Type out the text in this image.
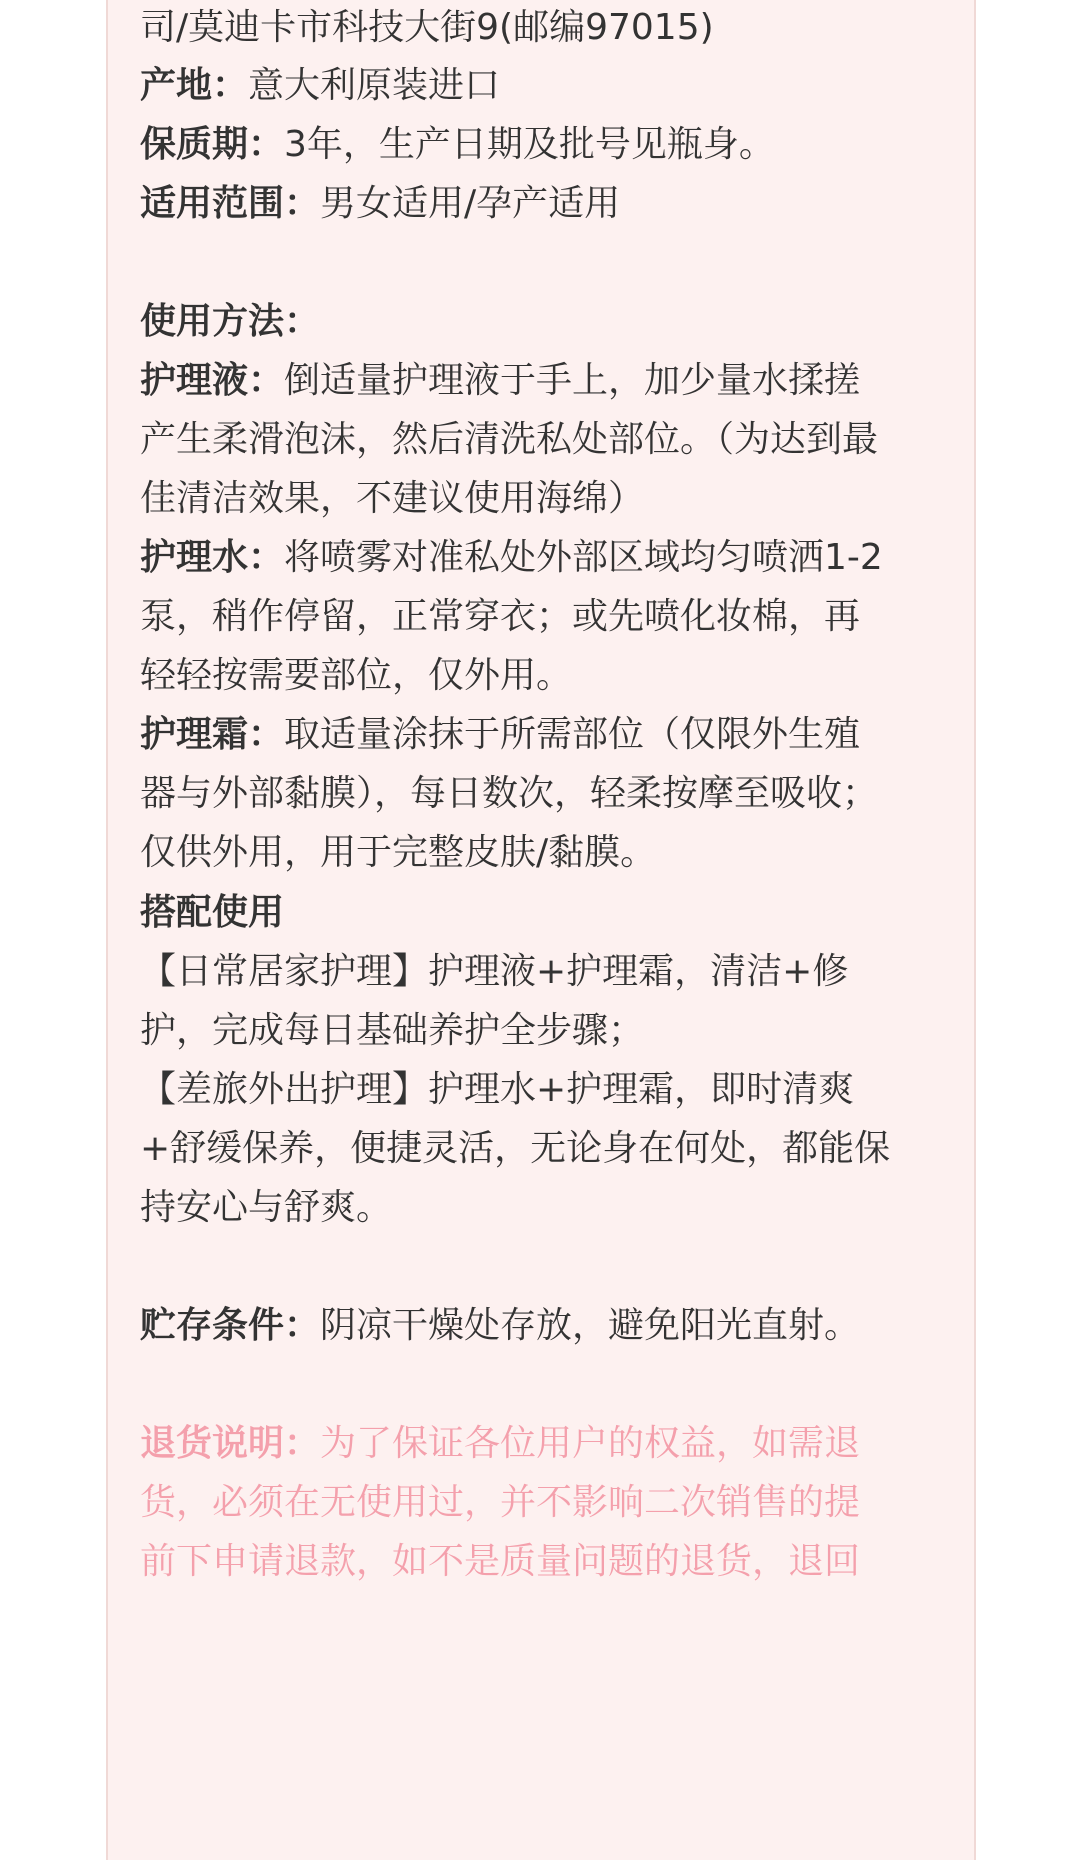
司/莫迪卡市科技大街9(邮编97015)
产地：意大利原装进口
保质期：3年，生产日期及批号见瓶身。
适用范围：男女适用/孕产适用
使用方法：
护理液：倒适量护理液于手上，加少量水揉搓
产生柔滑泡沫，然后清洗私处部位。（为达到最
佳清洁效果，不建议使用海绵）
护理水：将喷雾对准私处外部区域均匀喷洒1-2
泵，稍作停留，正常穿衣；或先喷化妆棉，再
轻轻按需要部位，仅外用。
护理霜：取适量涂抹于所需部位（仅限外生殖
器与外部黏膜），每日数次，轻柔按摩至吸收；
仅供外用，用于完整皮肤/黏膜。
搭配使用
【日常居家护理】护理液+护理霜，清洁+修
护，完成每日基础养护全步骤；
【差旅外出护理】护理水+护理霜，即时清爽
+舒缓保养，便捷灵活，无论身在何处，都能保
持安心与舒爽。
贮存条件：阴凉干燥处存放，避免阳光直射。
退货说明：为了保证各位用户的权益，如需退
货，必须在无使用过，并不影响二次销售的提
前下申请退款，如不是质量问题的退货，退回
